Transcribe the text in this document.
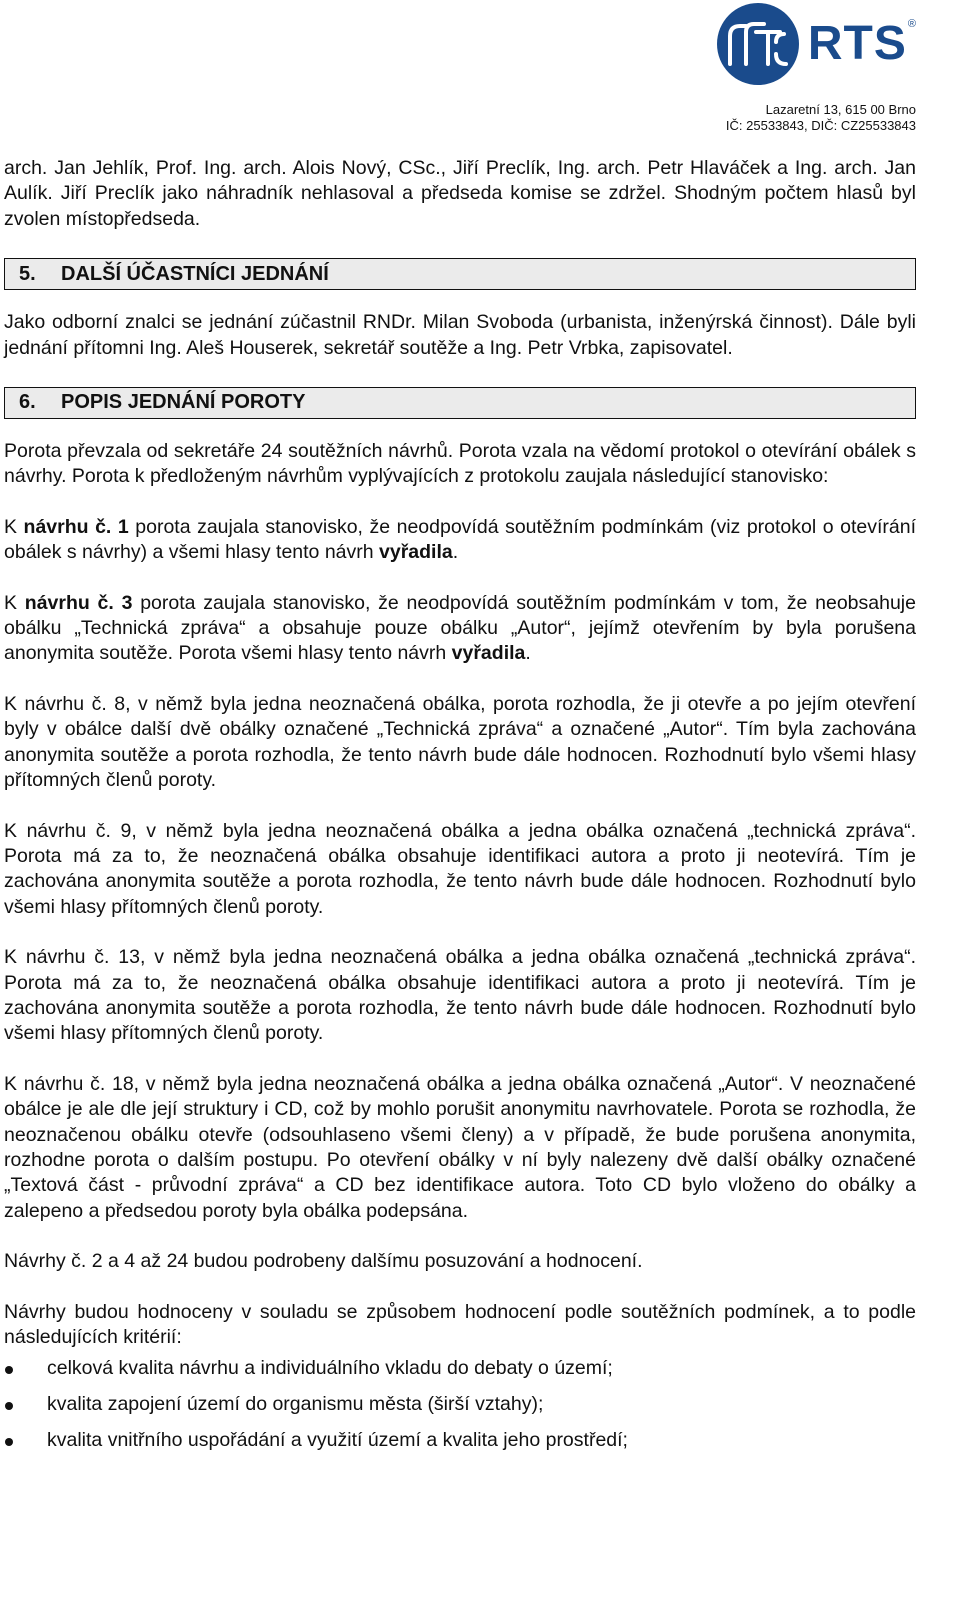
RTS ®
Lazaretní 13, 615 00 Brno
IČ: 25533843, DIČ: CZ25533843

arch. Jan Jehlík, Prof. Ing. arch. Alois Nový, CSc., Jiří Preclík, Ing. arch. Petr Hlaváček a Ing. arch. Jan Aulík. Jiří Preclík jako náhradník nehlasoval a předseda komise se zdržel. Shodným počtem hlasů byl zvolen místopředseda.

5.	DALŠÍ ÚČASTNÍCI JEDNÁNÍ

Jako odborní znalci se jednání zúčastnil RNDr. Milan Svoboda (urbanista, inženýrská činnost). Dále byli jednání přítomni Ing. Aleš Houserek, sekretář soutěže a Ing. Petr Vrbka, zapisovatel.

6.	POPIS JEDNÁNÍ POROTY

Porota převzala od sekretáře 24 soutěžních návrhů. Porota vzala na vědomí protokol o otevírání obálek s návrhy. Porota k předloženým návrhům vyplývajících z protokolu zaujala následující stanovisko:

K návrhu č. 1 porota zaujala stanovisko, že neodpovídá soutěžním podmínkám (viz protokol o otevírání obálek s návrhy) a všemi hlasy tento návrh vyřadila.

K návrhu č. 3 porota zaujala stanovisko, že neodpovídá soutěžním podmínkám v tom, že neobsahuje obálku „Technická zpráva“ a obsahuje pouze obálku „Autor“, jejímž otevřením by byla porušena anonymita soutěže. Porota všemi hlasy tento návrh vyřadila.

K návrhu č. 8, v němž byla jedna neoznačená obálka, porota rozhodla, že ji otevře a po jejím otevření byly v obálce další dvě obálky označené „Technická zpráva“ a označené „Autor“. Tím byla zachována anonymita soutěže a porota rozhodla, že tento návrh bude dále hodnocen. Rozhodnutí bylo všemi hlasy přítomných členů poroty.

K návrhu č. 9, v němž byla jedna neoznačená obálka a jedna obálka označená „technická zpráva“. Porota má za to, že neoznačená obálka obsahuje identifikaci autora a proto ji neotevírá. Tím je zachována anonymita soutěže a porota rozhodla, že tento návrh bude dále hodnocen. Rozhodnutí bylo všemi hlasy přítomných členů poroty.

K návrhu č. 13, v němž byla jedna neoznačená obálka a jedna obálka označená „technická zpráva“. Porota má za to, že neoznačená obálka obsahuje identifikaci autora a proto ji neotevírá. Tím je zachována anonymita soutěže a porota rozhodla, že tento návrh bude dále hodnocen. Rozhodnutí bylo všemi hlasy přítomných členů poroty.

K návrhu č. 18, v němž byla jedna neoznačená obálka a jedna obálka označená „Autor“. V neoznačené obálce je ale dle její struktury i CD, což by mohlo porušit anonymitu navrhovatele. Porota se rozhodla, že neoznačenou obálku otevře (odsouhlaseno všemi členy) a v případě, že bude porušena anonymita, rozhodne porota o dalším postupu. Po otevření obálky v ní byly nalezeny dvě další obálky označené „Textová část - průvodní zpráva“ a CD bez identifikace autora. Toto CD bylo vloženo do obálky a zalepeno a předsedou poroty byla obálka podepsána.

Návrhy č. 2 a 4 až 24 budou podrobeny dalšímu posuzování a hodnocení.

Návrhy budou hodnoceny v souladu se způsobem hodnocení podle soutěžních podmínek, a to podle následujících kritérií:

celková kvalita návrhu a individuálního vkladu do debaty o území;
kvalita zapojení území do organismu města (širší vztahy);
kvalita vnitřního uspořádání a využití území a kvalita jeho prostředí;
